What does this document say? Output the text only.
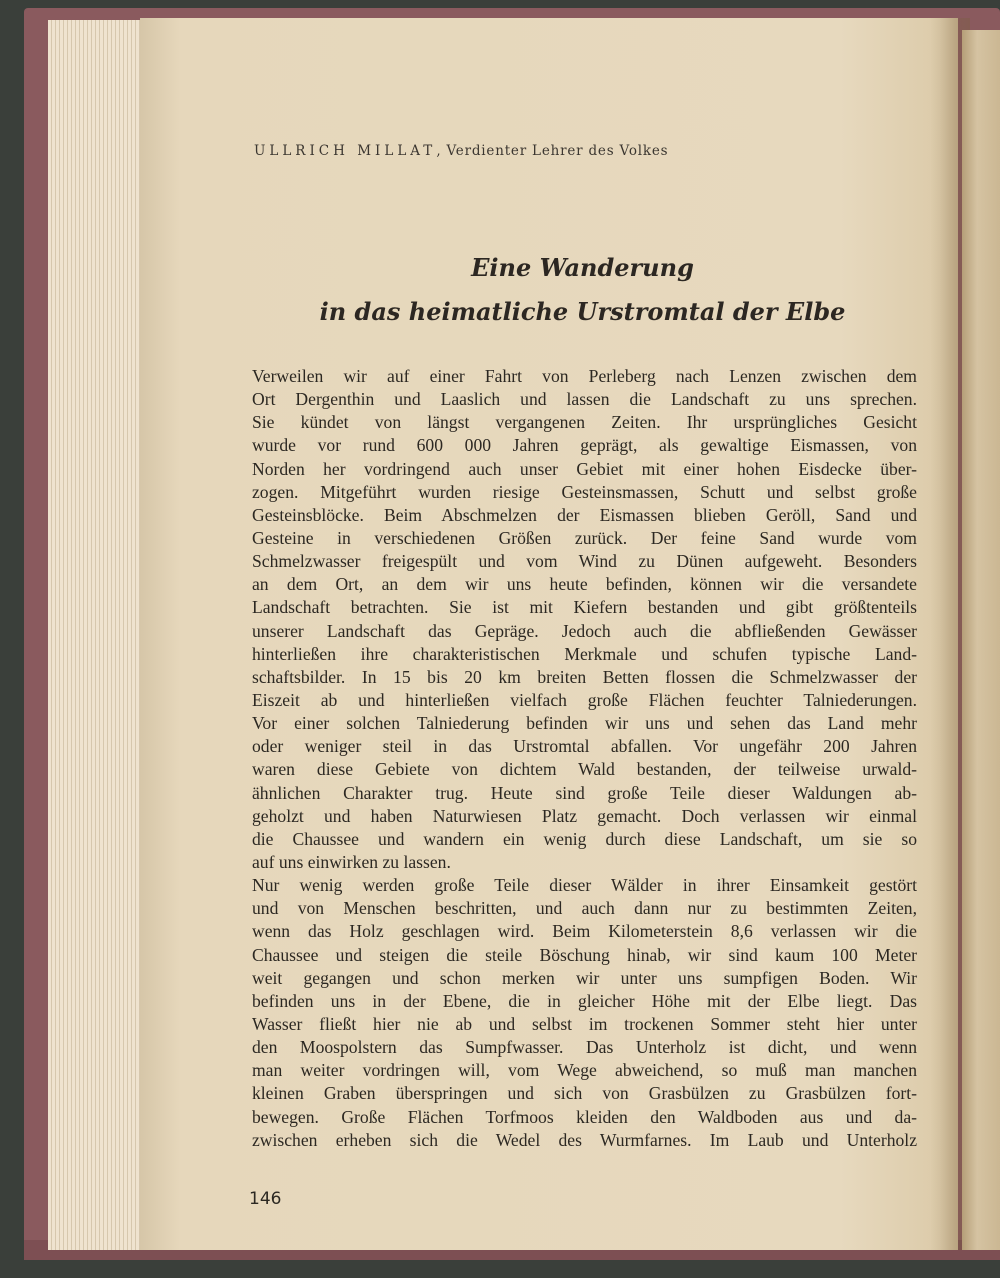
ULLRICH MILLAT, Verdienter Lehrer des Volkes
Eine Wanderung
in das heimatliche Urstromtal der Elbe
Verweilen wir auf einer Fahrt von Perleberg nach Lenzen zwischen dem
Ort Dergenthin und Laaslich und lassen die Landschaft zu uns sprechen.
Sie kündet von längst vergangenen Zeiten. Ihr ursprüngliches Gesicht
wurde vor rund 600 000 Jahren geprägt, als gewaltige Eismassen, von
Norden her vordringend auch unser Gebiet mit einer hohen Eisdecke über-
zogen. Mitgeführt wurden riesige Gesteinsmassen, Schutt und selbst große
Gesteinsblöcke. Beim Abschmelzen der Eismassen blieben Geröll, Sand und
Gesteine in verschiedenen Größen zurück. Der feine Sand wurde vom
Schmelzwasser freigespült und vom Wind zu Dünen aufgeweht. Besonders
an dem Ort, an dem wir uns heute befinden, können wir die versandete
Landschaft betrachten. Sie ist mit Kiefern bestanden und gibt größtenteils
unserer Landschaft das Gepräge. Jedoch auch die abfließenden Gewässer
hinterließen ihre charakteristischen Merkmale und schufen typische Land-
schaftsbilder. In 15 bis 20 km breiten Betten flossen die Schmelzwasser der
Eiszeit ab und hinterließen vielfach große Flächen feuchter Talniederungen.
Vor einer solchen Talniederung befinden wir uns und sehen das Land mehr
oder weniger steil in das Urstromtal abfallen. Vor ungefähr 200 Jahren
waren diese Gebiete von dichtem Wald bestanden, der teilweise urwald-
ähnlichen Charakter trug. Heute sind große Teile dieser Waldungen ab-
geholzt und haben Naturwiesen Platz gemacht. Doch verlassen wir einmal
die Chaussee und wandern ein wenig durch diese Landschaft, um sie so
auf uns einwirken zu lassen.
Nur wenig werden große Teile dieser Wälder in ihrer Einsamkeit gestört
und von Menschen beschritten, und auch dann nur zu bestimmten Zeiten,
wenn das Holz geschlagen wird. Beim Kilometerstein 8,6 verlassen wir die
Chaussee und steigen die steile Böschung hinab, wir sind kaum 100 Meter
weit gegangen und schon merken wir unter uns sumpfigen Boden. Wir
befinden uns in der Ebene, die in gleicher Höhe mit der Elbe liegt. Das
Wasser fließt hier nie ab und selbst im trockenen Sommer steht hier unter
den Moospolstern das Sumpfwasser. Das Unterholz ist dicht, und wenn
man weiter vordringen will, vom Wege abweichend, so muß man manchen
kleinen Graben überspringen und sich von Grasbülzen zu Grasbülzen fort-
bewegen. Große Flächen Torfmoos kleiden den Waldboden aus und da-
zwischen erheben sich die Wedel des Wurmfarnes. Im Laub und Unterholz
146
